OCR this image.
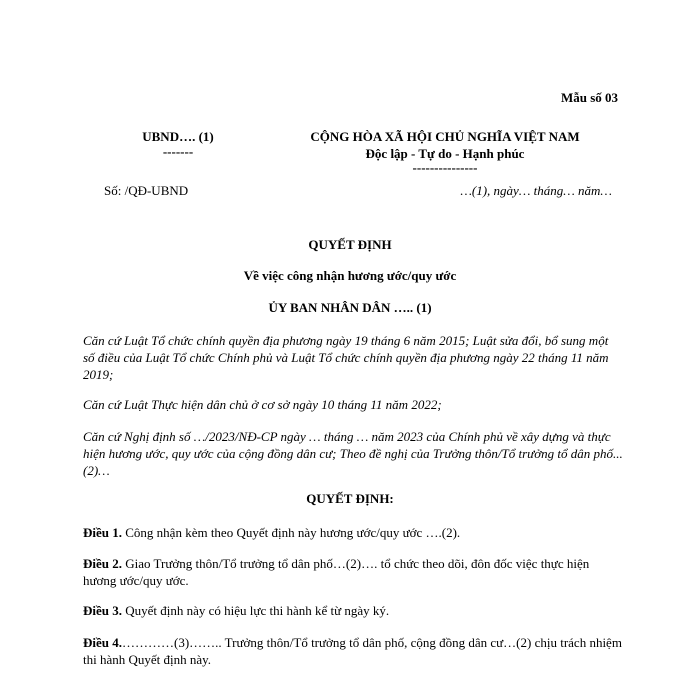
Mẫu số 03
UBND…. (1)
-------
CỘNG HÒA XÃ HỘI CHỦ NGHĨA VIỆT NAM
Độc lập - Tự do - Hạnh phúc
---------------
Số: /QĐ-UBND	…(1), ngày… tháng… năm…
QUYẾT ĐỊNH
Về việc công nhận hương ước/quy ước
ỦY BAN NHÂN DÂN ….. (1)
Căn cứ Luật Tổ chức chính quyền địa phương ngày 19 tháng 6 năm 2015; Luật sửa đổi, bổ sung một số điều của Luật Tổ chức Chính phủ và Luật Tổ chức chính quyền địa phương ngày 22 tháng 11 năm 2019;
Căn cứ Luật Thực hiện dân chủ ở cơ sở ngày 10 tháng 11 năm 2022;
Căn cứ Nghị định số …/2023/NĐ-CP ngày … tháng … năm 2023 của Chính phủ về xây dựng và thực hiện hương ước, quy ước của cộng đồng dân cư; Theo đề nghị của Trưởng thôn/Tổ trưởng tổ dân phố...(2)…
QUYẾT ĐỊNH:
Điều 1. Công nhận kèm theo Quyết định này hương ước/quy ước ….(2).
Điều 2. Giao Trưởng thôn/Tổ trưởng tổ dân phố…(2)…. tổ chức theo dõi, đôn đốc việc thực hiện hương ước/quy ước.
Điều 3. Quyết định này có hiệu lực thi hành kể từ ngày ký.
Điều 4.…………(3)…….. Trưởng thôn/Tổ trưởng tổ dân phố, cộng đồng dân cư…(2) chịu trách nhiệm thi hành Quyết định này.
